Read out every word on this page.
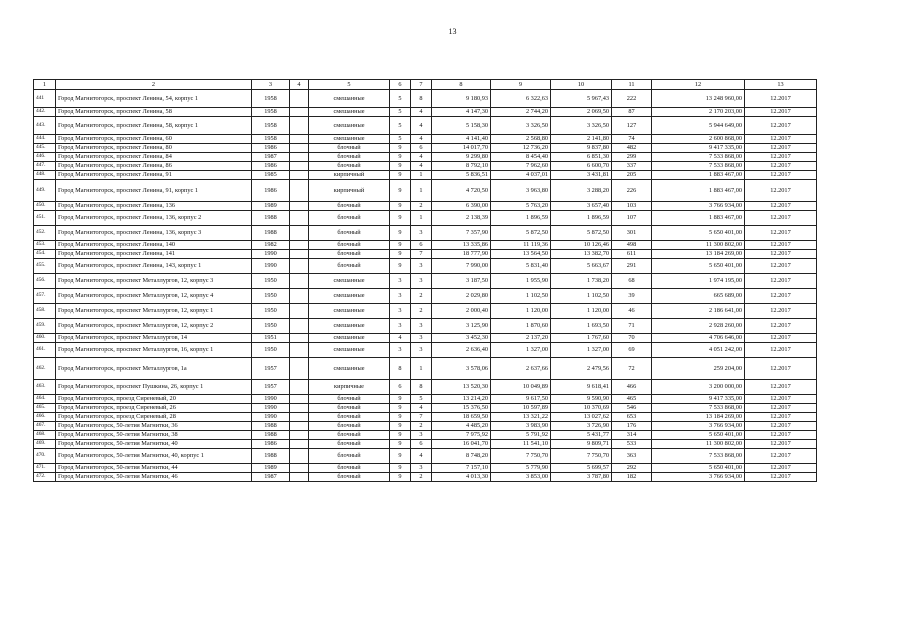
13
1	2	3	4	5	6	7	8	9	10	11	12	13
441	Город Магнитогорск, проспект Ленина, 54, корпус 1	1958		смешанные	5	8	9 180,93	6 322,63	5 967,43	222	13 248 960,00	12.2017
442.	Город Магнитогорск, проспект Ленина, 58	1958		смешанные	5	4	4 147,30	2 744,20	2 069,50	87	2 170 203,00	12.2017
443.	Город Магнитогорск, проспект Ленина, 58, корпус 1	1958		смешанные	5	4	5 158,30	3 326,50	3 326,50	127	5 944 649,00	12.2017
444.	Город Магнитогорск, проспект Ленина, 60	1958		смешанные	5	4	4 141,40	2 568,80	2 141,80	74	2 600 868,00	12.2017
445.	Город Магнитогорск, проспект Ленина, 80	1986		блочный	9	6	14 017,70	12 736,20	9 837,80	482	9 417 335,00	12.2017
446.	Город Магнитогорск, проспект Ленина, 84	1987		блочный	9	4	9 299,80	8 454,40	6 851,30	299	7 533 868,00	12.2017
447.	Город Магнитогорск, проспект Ленина, 86	1986		блочный	9	4	8 792,10	7 962,60	6 600,70	337	7 533 868,00	12.2017
448.	Город Магнитогорск, проспект Ленина, 91	1985		кирпичный	9	1	5 836,51	4 037,01	3 431,81	205	1 883 467,00	12.2017
449.	Город Магнитогорск, проспект Ленина, 91, корпус 1	1986		кирпичный	9	1	4 720,50	3 963,80	3 288,20	226	1 883 467,00	12.2017
450.	Город Магнитогорск, проспект Ленина, 136	1989		блочный	9	2	6 390,00	5 763,20	3 657,40	103	3 766 934,00	12.2017
451.	Город Магнитогорск, проспект Ленина, 136, корпус 2	1988		блочный	9	1	2 138,39	1 896,59	1 896,59	107	1 883 467,00	12.2017
452.	Город Магнитогорск, проспект Ленина, 136, корпус 3	1988		блочный	9	3	7 357,90	5 872,50	5 872,50	301	5 650 401,00	12.2017
453.	Город Магнитогорск, проспект Ленина, 140	1982		блочный	9	6	13 335,86	11 119,36	10 126,46	498	11 300 802,00	12.2017
454.	Город Магнитогорск, проспект Ленина, 141	1990		блочный	9	7	18 777,90	13 564,50	13 382,70	611	13 184 269,00	12.2017
455.	Город Магнитогорск, проспект Ленина, 143, корпус 1	1990		блочный	9	3	7 990,00	5 831,40	5 663,67	291	5 650 401,00	12.2017
456.	Город Магнитогорск, проспект Металлургов, 12, корпус 3	1950		смешанные	3	3	3 187,50	1 955,90	1 738,20	68	1 974 195,00	12.2017
457.	Город Магнитогорск, проспект Металлургов, 12, корпус 4	1950		смешанные	3	2	2 029,80	1 102,50	1 102,50	39	665 689,00	12.2017
458.	Город Магнитогорск, проспект Металлургов, 12, корпус 1	1950		смешанные	3	2	2 000,40	1 120,00	1 120,00	46	2 186 641,00	12.2017
459.	Город Магнитогорск, проспект Металлургов, 12, корпус 2	1950		смешанные	3	3	3 125,90	1 870,60	1 693,50	71	2 928 260,00	12.2017
460.	Город Магнитогорск, проспект Металлургов, 14	1951		смешанные	4	3	3 452,30	2 137,20	1 767,60	70	4 706 646,00	12.2017
461.	Город Магнитогорск, проспект Металлургов, 16, корпус 1	1950		смешанные	3	3	2 636,40	1 327,00	1 327,00	69	4 051 242,00	12.2017
462.	Город Магнитогорск, проспект Металлургов, 1а	1957		смешанные	8	1	3 578,06	2 637,66	2 479,56	72	259 204,00	12.2017
463.	Город Магнитогорск, проспект Пушкина, 26, корпус 1	1957		кирпичные	6	8	13 520,30	10 049,89	9 618,41	466	3 200 000,00	12.2017
464.	Город Магнитогорск, проезд Сиреневый, 20	1990		блочный	9	5	13 214,20	9 617,50	9 590,90	465	9 417 335,00	12.2017
465.	Город Магнитогорск, проезд Сиреневый, 26	1990		блочный	9	4	15 376,50	10 597,89	10 370,69	546	7 533 868,00	12.2017
466.	Город Магнитогорск, проезд Сиреневый, 28	1990		блочный	9	7	18 659,50	13 321,22	13 027,62	653	13 184 269,00	12.2017
467.	Город Магнитогорск, 50-летия Магнитки, 36	1988		блочный	9	2	4 485,20	3 983,90	3 726,90	176	3 766 934,00	12.2017
468.	Город Магнитогорск, 50-летия Магнитки, 38	1988		блочный	9	3	7 975,92	5 791,92	5 431,77	314	5 650 401,00	12.2017
469.	Город Магнитогорск, 50-летия Магнитки, 40	1986		блочный	9	6	16 041,70	11 541,10	9 809,71	533	11 300 802,00	12.2017
470.	Город Магнитогорск, 50-летия Магнитки, 40, корпус 1	1988		блочный	9	4	8 748,20	7 750,70	7 750,70	363	7 533 868,00	12.2017
471.	Город Магнитогорск, 50-летия Магнитки, 44	1989		блочный	9	3	7 157,10	5 779,90	5 699,57	292	5 650 401,00	12.2017
472.	Город Магнитогорск, 50-летия Магнитки, 46	1987		блочный	9	2	4 013,30	3 853,00	3 787,80	182	3 766 934,00	12.2017
